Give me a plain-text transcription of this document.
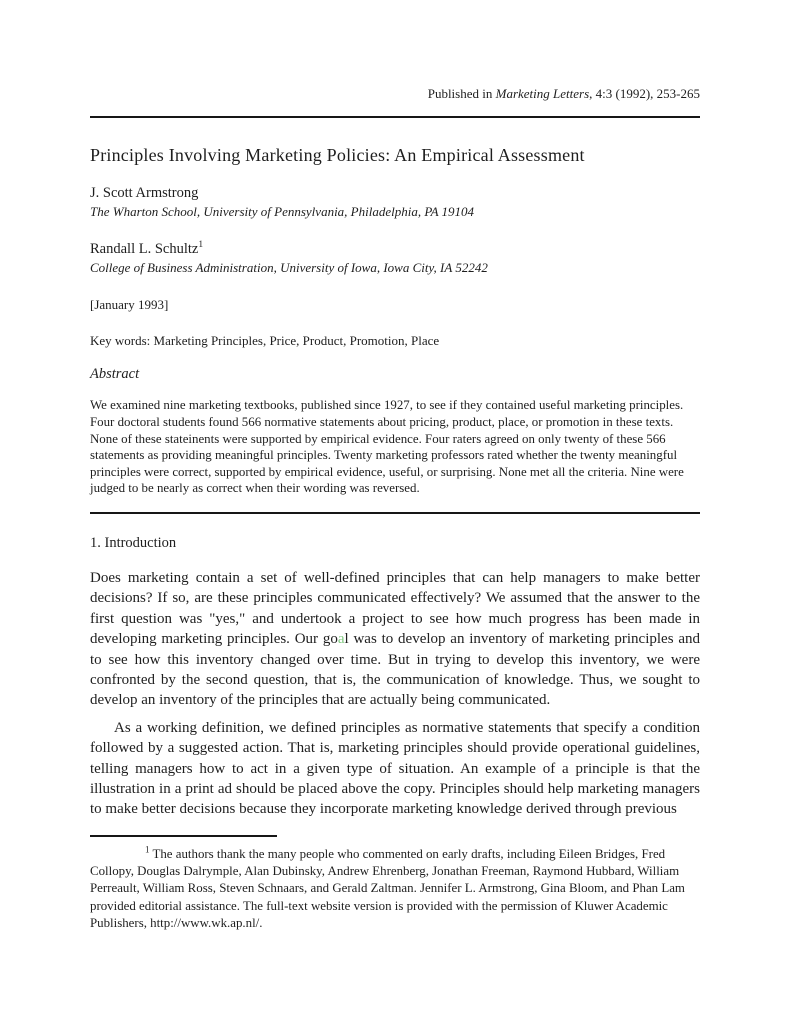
Published in Marketing Letters, 4:3 (1992), 253-265

Principles Involving Marketing Policies: An Empirical Assessment

J. Scott Armstrong

The Wharton School, University of Pennsylvania, Philadelphia, PA 19104

Randall L. Schultz$^1$

College of Business Administration, University of Iowa, Iowa City, IA 52242

[January 1993]

Key words: Marketing Principles, Price, Product, Promotion, Place

Abstract

We examined nine marketing textbooks, published since 1927, to see if they contained useful marketing principles. Four doctoral students found 566 normative statements about pricing, product, place, or promotion in these texts. None of these stateinents were supported by empirical evidence. Four raters agreed on only twenty of these 566 statements as providing meaningful principles. Twenty marketing professors rated whether the twenty meaningful principles were correct, supported by empirical evidence, useful, or surprising. None met all the criteria. Nine were judged to be nearly as correct when their wording was reversed.

1. Introduction

Does marketing contain a set of well-defined principles that can help managers to make better decisions? If so, are these principles communicated effectively? We assumed that the answer to the first question was "yes," and undertook a project to see how much progress has been made in developing marketing principles. Our goal was to develop an inventory of marketing principles and to see how this inventory changed over time. But in trying to develop this inventory, we were confronted by the second question, that is, the communication of knowledge. Thus, we sought to develop an inventory of the principles that are actually being communicated.

As a working definition, we defined principles as normative statements that specify a condition followed by a suggested action. That is, marketing principles should provide operational guidelines, telling managers how to act in a given type of situation. An example of a principle is that the illustration in a print ad should be placed above the copy. Principles should help marketing managers to make better decisions because they incorporate marketing knowledge derived through previous

$^1$ The authors thank the many people who commented on early drafts, including Eileen Bridges, Fred Collopy, Douglas Dalrymple, Alan Dubinsky, Andrew Ehrenberg, Jonathan Freeman, Raymond Hubbard, William Perreault, William Ross, Steven Schnaars, and Gerald Zaltman. Jennifer L. Armstrong, Gina Bloom, and Phan Lam provided editorial assistance. The full-text website version is provided with the permission of Kluwer Academic Publishers, http://www.wk.ap.nl/.
